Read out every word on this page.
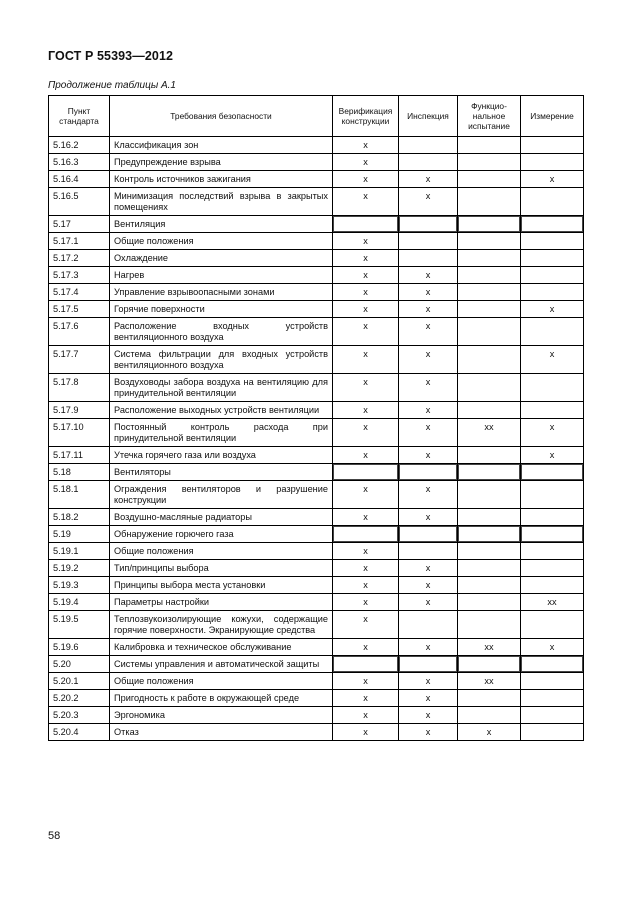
ГОСТ Р 55393—2012
Продолжение таблицы А.1
Пункт стандарта	Требования безопасности	Верификация конструкции	Инспекция	Функцио-нальное испытание	Измерение
5.16.2	Классификация зон	x			
5.16.3	Предупреждение взрыва	x			
5.16.4	Контроль источников зажигания	x	x		x
5.16.5	Минимизация последствий взрыва в закрытых помещениях	x	x		
5.17	Вентиляция				
5.17.1	Общие положения	x			
5.17.2	Охлаждение	x			
5.17.3	Нагрев	x	x		
5.17.4	Управление взрывоопасными зонами	x	x		
5.17.5	Горячие поверхности	x	x		x
5.17.6	Расположение входных устройств вентиляционного воздуха	x	x		
5.17.7	Система фильтрации для входных устройств вентиляционного воздуха	x	x		x
5.17.8	Воздуховоды забора воздуха на вентиляцию для принудительной вентиляции	x	x		
5.17.9	Расположение выходных устройств вентиляции	x	x		
5.17.10	Постоянный контроль расхода при принудительной вентиляции	x	x	xx	x
5.17.11	Утечка горячего газа или воздуха	x	x		x
5.18	Вентиляторы				
5.18.1	Ограждения вентиляторов и разрушение конструкции	x	x		
5.18.2	Воздушно-масляные радиаторы	x	x		
5.19	Обнаружение горючего газа				
5.19.1	Общие положения	x			
5.19.2	Тип/принципы выбора	x	x		
5.19.3	Принципы выбора места установки	x	x		
5.19.4	Параметры настройки	x	x		xx
5.19.5	Теплозвукоизолирующие кожухи, содержащие горячие поверхности. Экранирующие средства	x			
5.19.6	Калибровка и техническое обслуживание	x	x	xx	x
5.20	Системы управления и автоматической защиты				
5.20.1	Общие положения	x	x	xx	
5.20.2	Пригодность к работе в окружающей среде	x	x		
5.20.3	Эргономика	x	x		
5.20.4	Отказ	x	x	x	
58
